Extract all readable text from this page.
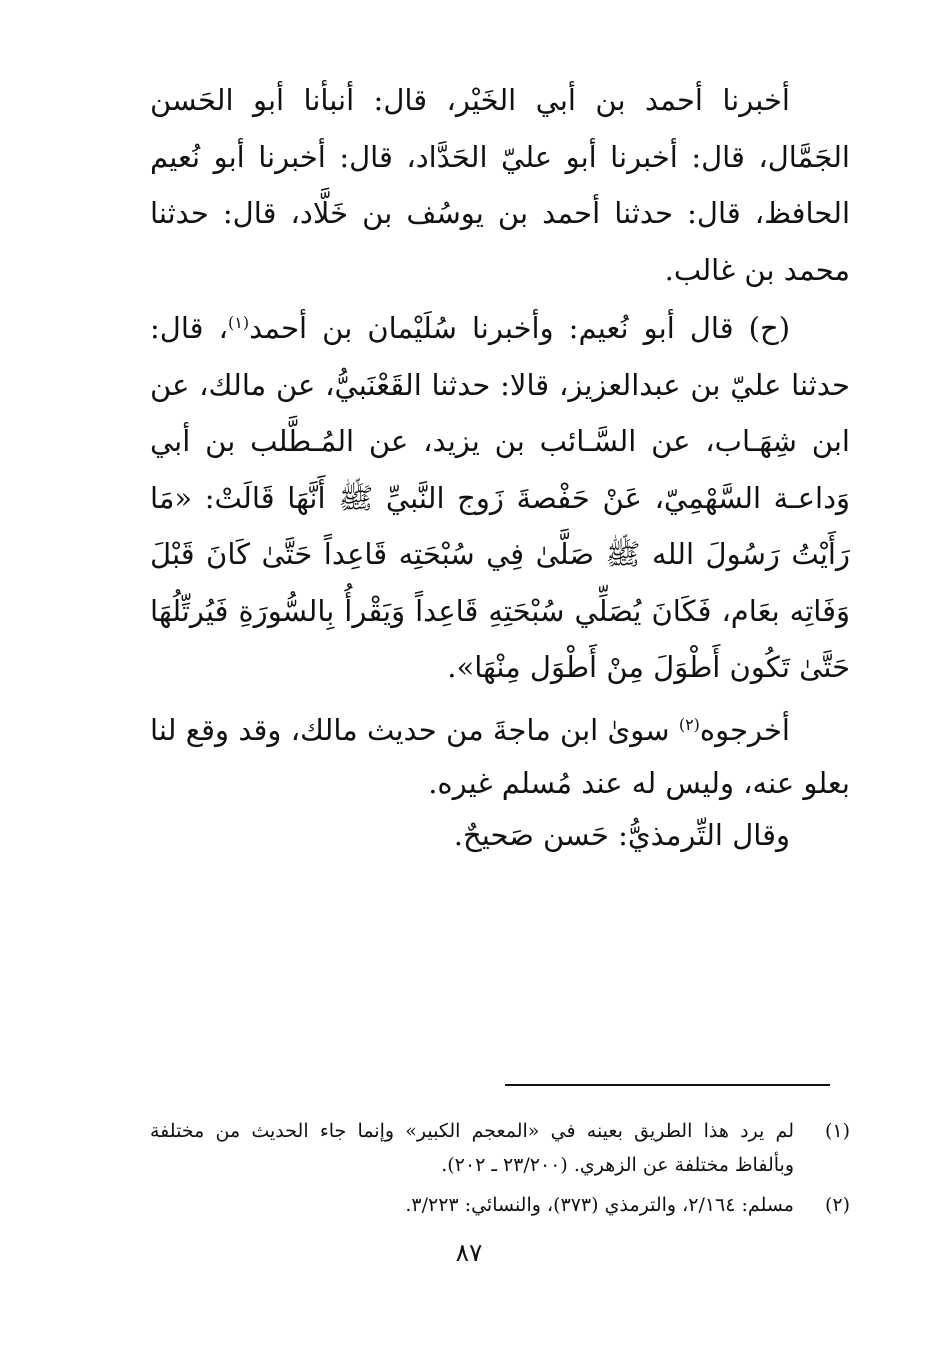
أخبرنا أحمد بن أبي الخَيْر، قال: أنبأنا أبو الحَسن الجَمَّال، قال: أخبرنا أبو عليّ الحَدَّاد، قال: أخبرنا أبو نُعيم الحافظ، قال: حدثنا أحمد بن يوسُف بن خَلَّاد، قال: حدثنا محمد بن غالب.

(ح) قال أبو نُعيم: وأخبرنا سُلَيْمان بن أحمد$^{(١)}$، قال: حدثنا عليّ بن عبدالعزيز، قالا: حدثنا القَعْنَبيُّ، عن مالك، عن ابن شِهَـاب، عن السَّـائب بن يزيد، عن المُـطَّلب بن أبي وَداعـة السَّهْمِيّ، عَنْ حَفْصةَ زَوج النَّبيِّ ﷺ أَنَّهَا قَالَتْ: «مَا رَأَيْتُ رَسُولَ الله ﷺ صَلَّىٰ فِي سُبْحَتِه قَاعِداً حَتَّىٰ كَانَ قَبْلَ وَفَاتِه بعَام، فَكَانَ يُصَلِّي سُبْحَتِهِ قَاعِداً وَيَقْرأُ بِالسُّورَةِ فَيُرتِّلُهَا حَتَّىٰ تَكُون أَطْوَلَ مِنْ أَطْوَل مِنْهَا».

أخرجوه$^{(٢)}$ سوىٰ ابن ماجةَ من حديث مالك، وقد وقع لنا بعلو عنه، وليس له عند مُسلم غيره.

وقال التِّرمذيُّ: حَسن صَحيحٌ.

(١)
لم يرد هذا الطريق بعينه في «المعجم الكبير» وإنما جاء الحديث من مختلفة وبألفاظ مختلفة عن الزهري. (٢٣/٢٠٠ ـ ٢٠٢).

(٢)
مسلم: ٢/١٦٤، والترمذي (٣٧٣)، والنسائي: ٣/٢٢٣.

٨٧
